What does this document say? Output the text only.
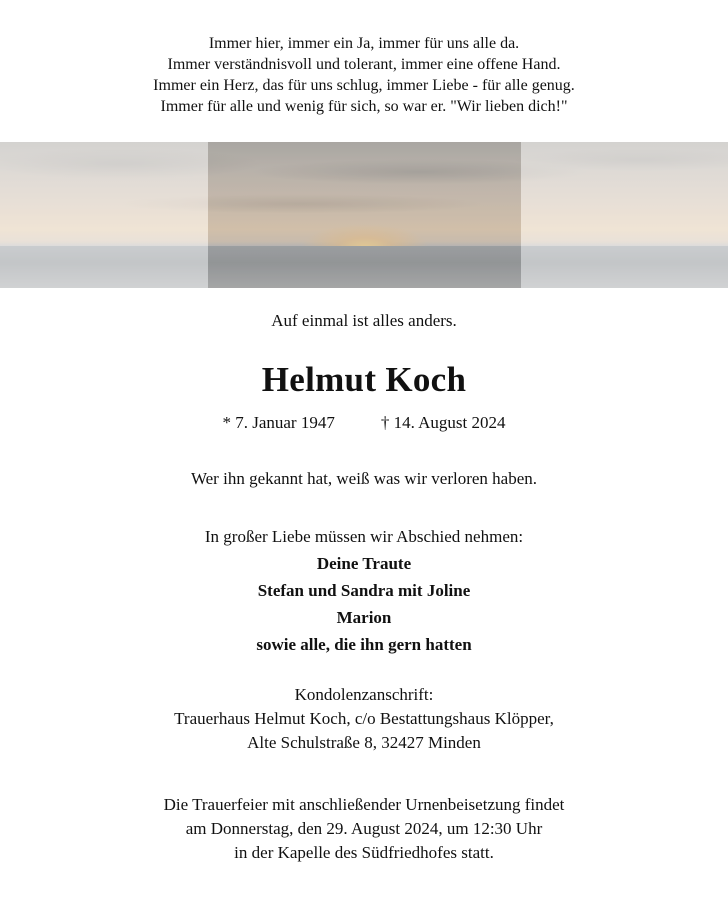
Immer hier, immer ein Ja, immer für uns alle da.
Immer verständnisvoll und tolerant, immer eine offene Hand.
Immer ein Herz, das für uns schlug, immer Liebe - für alle genug.
Immer für alle und wenig für sich, so war er. "Wir lieben dich!"
Auf einmal ist alles anders.
Helmut Koch
* 7. Januar 1947	† 14. August 2024
Wer ihn gekannt hat, weiß was wir verloren haben.
In großer Liebe müssen wir Abschied nehmen:
Deine Traute
Stefan und Sandra mit Joline
Marion
sowie alle, die ihn gern hatten
Kondolenzanschrift:
Trauerhaus Helmut Koch, c/o Bestattungshaus Klöpper,
Alte Schulstraße 8, 32427 Minden
Die Trauerfeier mit anschließender Urnenbeisetzung findet
am Donnerstag, den 29. August 2024, um 12:30 Uhr
in der Kapelle des Südfriedhofes statt.
